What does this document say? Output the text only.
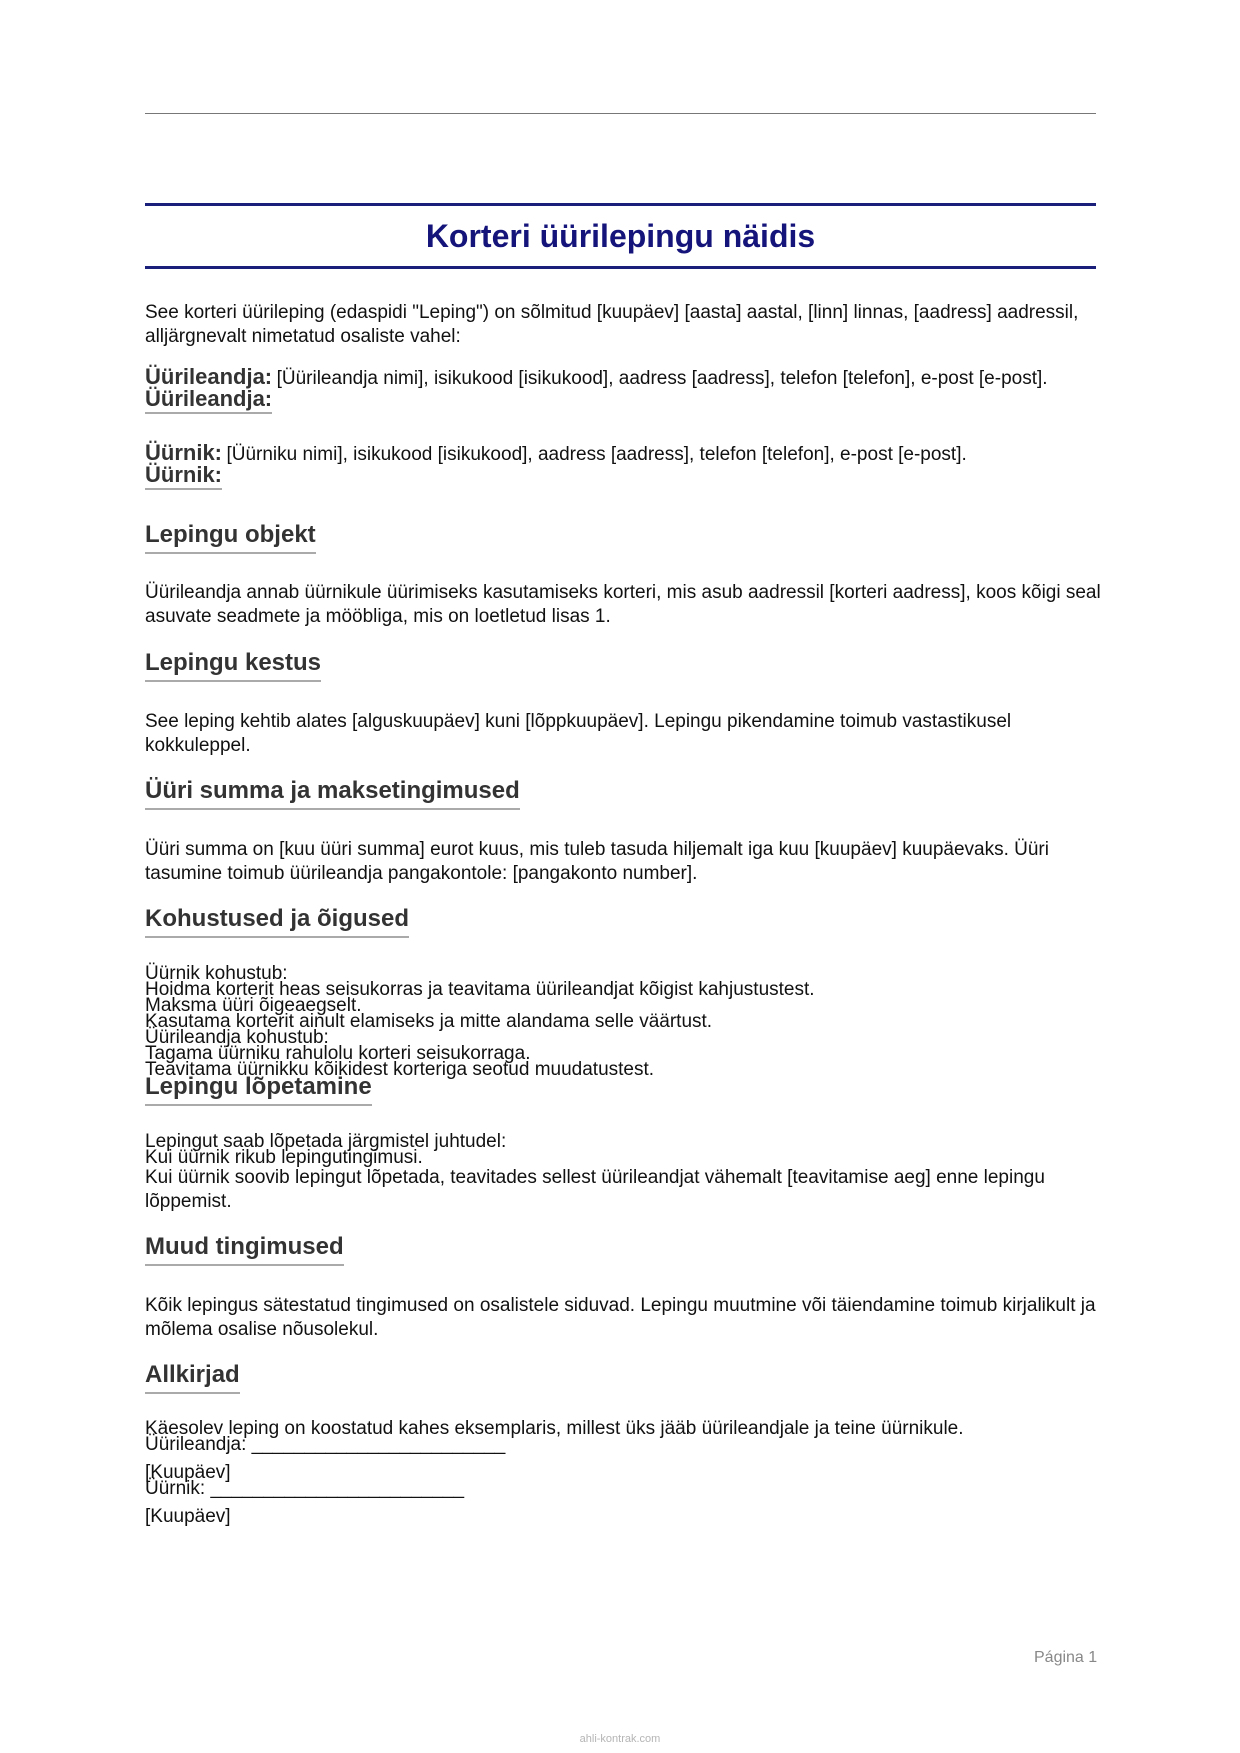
Korteri üürilepingu näidis

See korteri üürileping (edaspidi "Leping") on sõlmitud [kuupäev] [aasta] aastal, [linn] linnas, [aadress] aadressil, alljärgnevalt nimetatud osaliste vahel:

Üürileandja: [Üürileandja nimi], isikukood [isikukood], aadress [aadress], telefon [telefon], e-post [e-post].
Üürileandja:
Üürnik: [Üürniku nimi], isikukood [isikukood], aadress [aadress], telefon [telefon], e-post [e-post].
Üürnik:
Lepingu objekt

Üürileandja annab üürnikule üürimiseks kasutamiseks korteri, mis asub aadressil [korteri aadress], koos kõigi seal asuvate seadmete ja mööbliga, mis on loetletud lisas 1.

Lepingu kestus

See leping kehtib alates [alguskuupäev] kuni [lõppkuupäev]. Lepingu pikendamine toimub vastastikusel kokkuleppel.

Üüri summa ja maksetingimused

Üüri summa on [kuu üüri summa] eurot kuus, mis tuleb tasuda hiljemalt iga kuu [kuupäev] kuupäevaks. Üüri tasumine toimub üürileandja pangakontole: [pangakonto number].

Kohustused ja õigused

Üürnik kohustub:

Hoidma korterit heas seisukorras ja teavitama üürileandjat kõigist kahjustustest.

Maksma üüri õigeaegselt.

Kasutama korterit ainult elamiseks ja mitte alandama selle väärtust.

Üürileandja kohustub:

Tagama üürniku rahulolu korteri seisukorraga.

Teavitama üürnikku kõikidest korteriga seotud muudatustest.

Lepingu lõpetamine

Lepingut saab lõpetada järgmistel juhtudel:

Kui üürnik rikub lepingutingimusi.

Kui üürnik soovib lepingut lõpetada, teavitades sellest üürileandjat vähemalt [teavitamise aeg] enne lepingu lõppemist.

Muud tingimused

Kõik lepingus sätestatud tingimused on osalistele siduvad. Lepingu muutmine või täiendamine toimub kirjalikult ja mõlema osalise nõusolekul.

Allkirjad

Käesolev leping on koostatud kahes eksemplaris, millest üks jääb üürileandjale ja teine üürnikule.

Üürileandja: ________________________

[Kuupäev]

Üürnik: ________________________

[Kuupäev]

Página 1
ahli-kontrak.com
